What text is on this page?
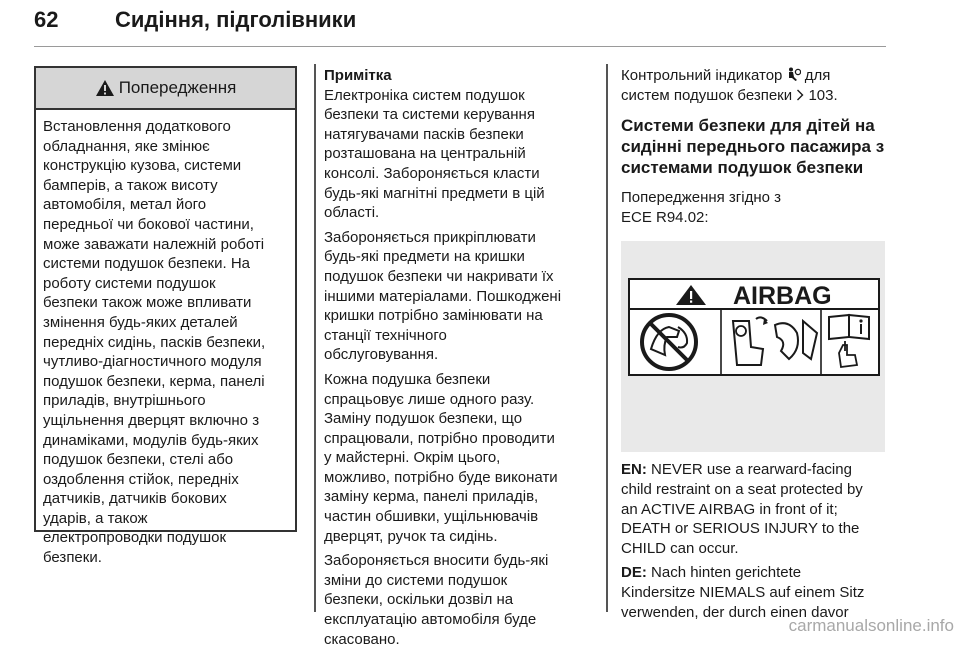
62	Сидіння, підголівники
Попередження
Встановлення додаткового
обладнання, яке змінює
конструкцію кузова, системи
бамперів, а також висоту
автомобіля, метал його
передньої чи бокової частини,
може заважати належній роботі
системи подушок безпеки. На
роботу системи подушок
безпеки також може впливати
змінення будь-яких деталей
передніх сидінь, пасків безпеки,
чутливо-діагностичного модуля
подушок безпеки, керма, панелі
приладів, внутрішнього
ущільнення дверцят включно з
динаміками, модулів будь-яких
подушок безпеки, стелі або
оздоблення стійок, передніх
датчиків, датчиків бокових
ударів, а також
електропроводки подушок
безпеки.
Примітка

Електроніка систем подушок
безпеки та системи керування
натягувачами пасків безпеки
розташована на центральній
консолі. Забороняється класти
будь-які магнітні предмети в цій
області.

Забороняється прикріплювати
будь-які предмети на кришки
подушок безпеки чи накривати їх
іншими матеріалами. Пошкоджені
кришки потрібно замінювати на
станції технічного
обслуговування.

Кожна подушка безпеки
спрацьовує лише одного разу.
Заміну подушок безпеки, що
спрацювали, потрібно проводити
у майстерні. Окрім цього,
можливо, потрібно буде виконати
заміну керма, панелі приладів,
частин обшивки, ущільнювачів
дверцят, ручок та сидінь.

Забороняється вносити будь-які
зміни до системи подушок
безпеки, оскільки дозвіл на
експлуатацію автомобіля буде
скасовано.

Контрольний індикатор для
систем подушок безпеки 103.

Системи безпеки для дітей на
сидінні переднього пасажира з
системами подушок безпеки

Попередження згідно з
ECE R94.02:

AIRBAG

EN: NEVER use a rearward-facing
child restraint on a seat protected by
an ACTIVE AIRBAG in front of it;
DEATH or SERIOUS INJURY to the
CHILD can occur.

DE: Nach hinten gerichtete
Kindersitze NIEMALS auf einem Sitz
verwenden, der durch einen davor

carmanualsonline.info
